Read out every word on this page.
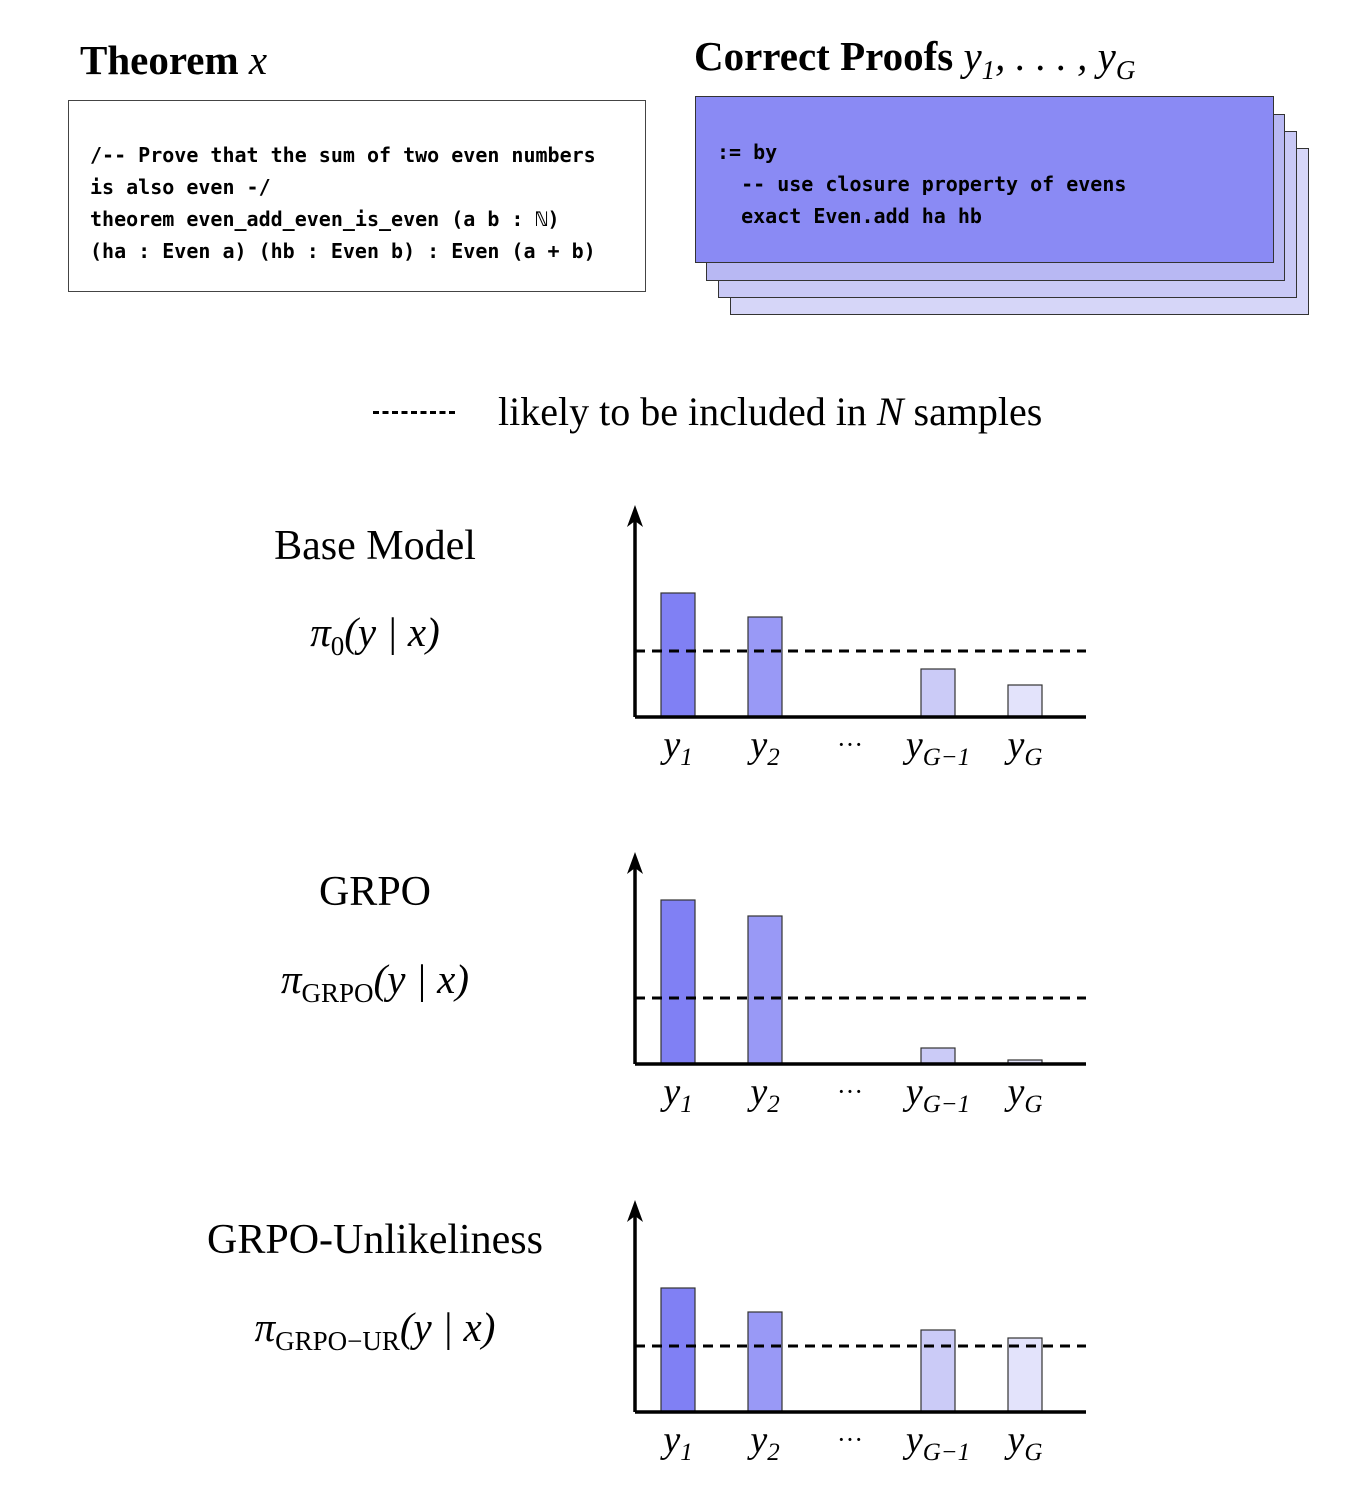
Theorem x
/-- Prove that the sum of two even numbers
is also even -/
theorem even_add_even_is_even (a b : ℕ)
(ha : Even a) (hb : Even b) : Even (a + b)
Correct Proofs $y_1$, . . . , $y_G$
:= by
-- use closure property of evens
exact Even.add ha hb
likely to be included in N samples
Base Model
$\pi_0(y$ | x)
GRPO
$\pi_{GRPO}(y$ | x)
GRPO-Unlikeliness
$\pi_{GRPO-UR}(y$ | x)
$y_1$ $y_2$ ··· $y_{G-1}$ $y_G$
$y_1$ $y_2$ ··· $y_{G-1}$ $y_G$
$y_1$ $y_2$ ··· $y_{G-1}$ $y_G$
